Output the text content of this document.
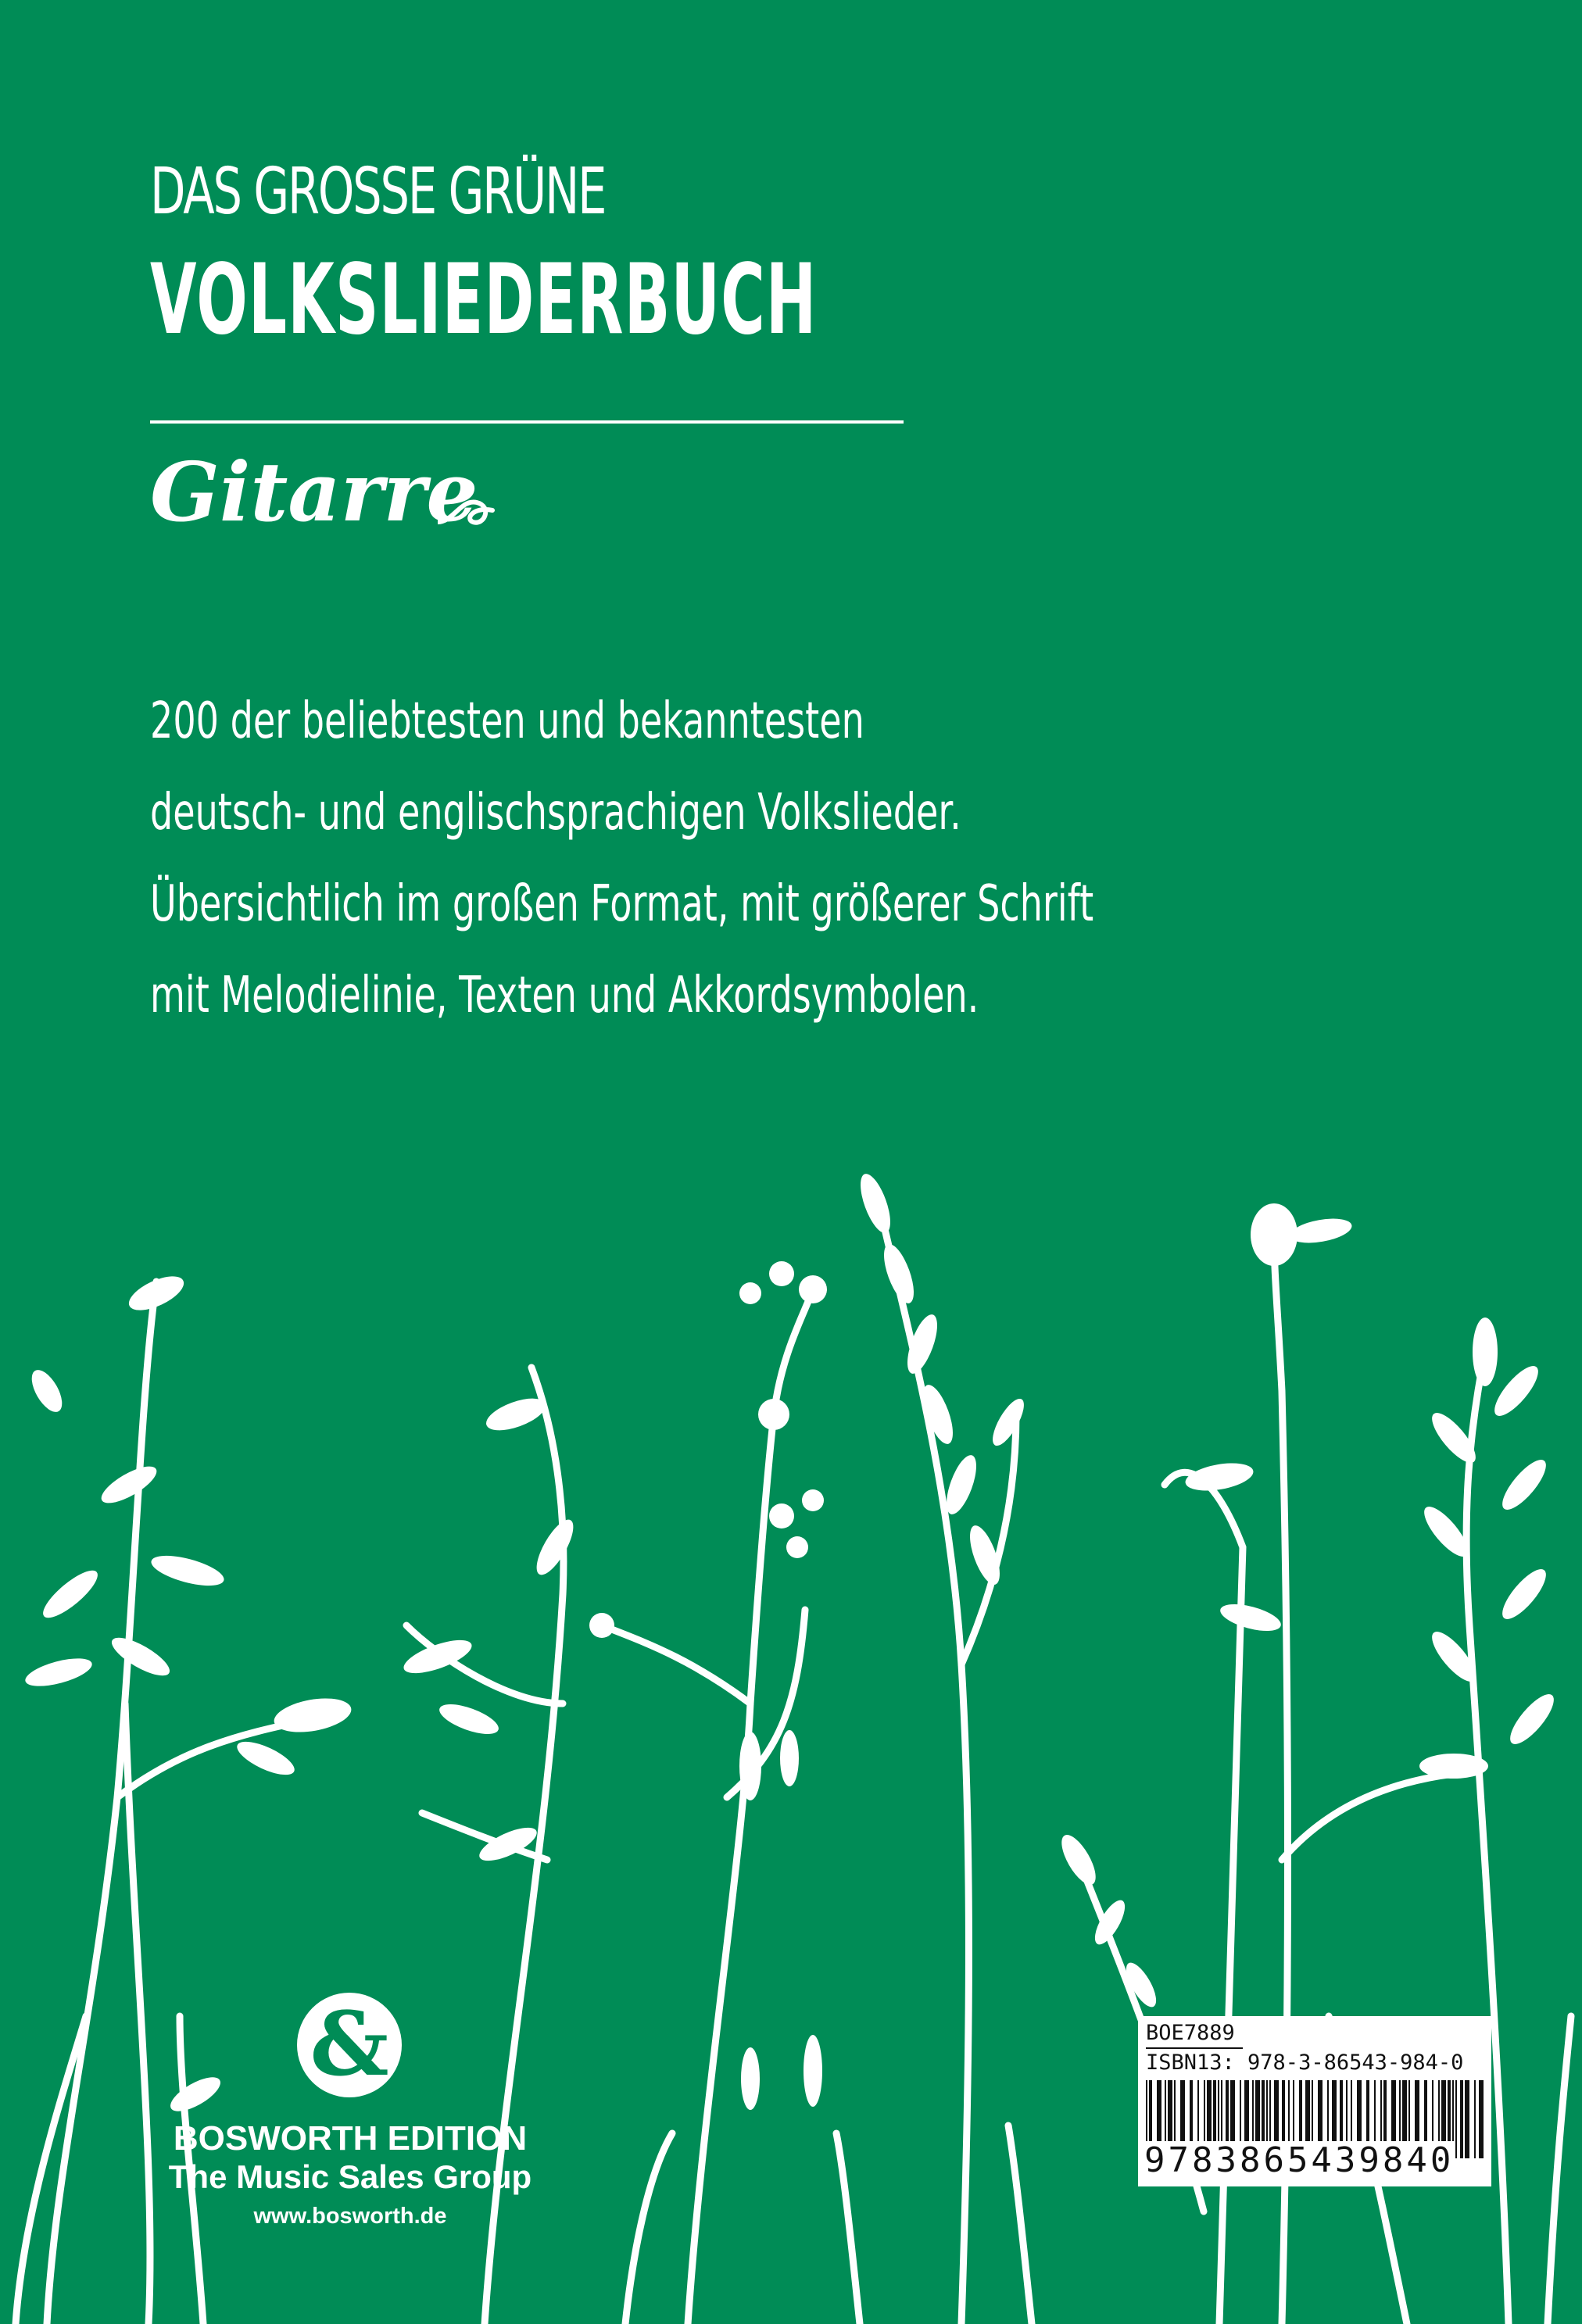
DAS GROSSE GRÜNE
VOLKSLIEDERBUCH
Gitarre
200 der beliebtesten und bekanntesten
deutsch- und englischsprachigen Volkslieder.
Übersichtlich im großen Format, mit größerer Schrift
mit Melodielinie, Texten und Akkordsymbolen.
&
BOSWORTH EDITION
The Music Sales Group
www.bosworth.de
BOE7889
ISBN13: 978-3-86543-984-0
9783865439840
